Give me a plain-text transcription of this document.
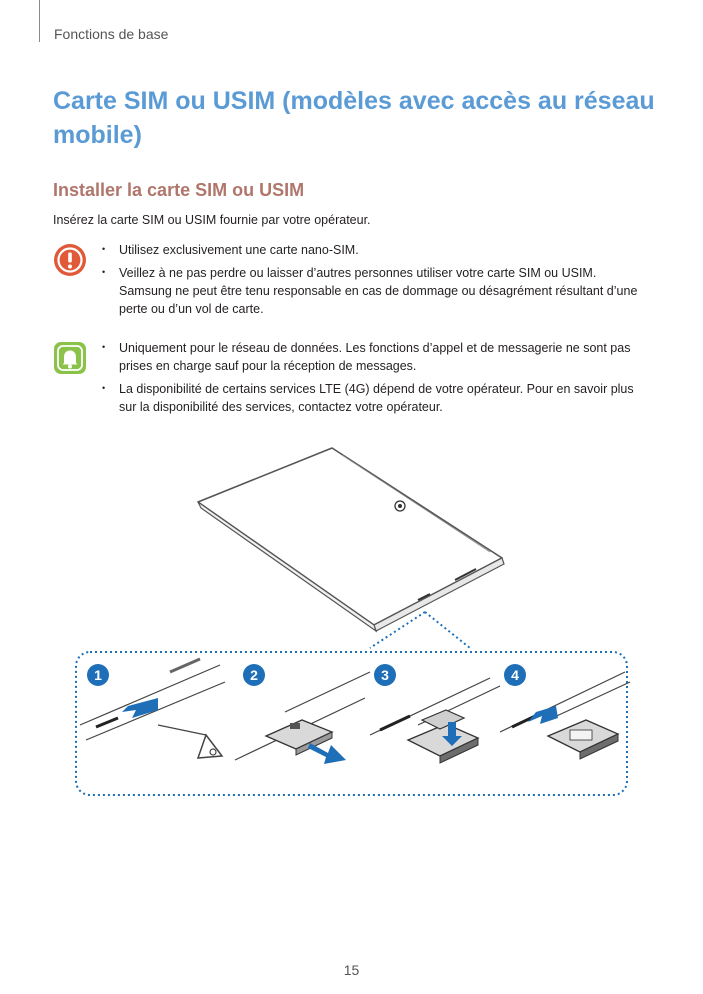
Fonctions de base
Carte SIM ou USIM (modèles avec accès au réseau mobile)
Installer la carte SIM ou USIM

Insérez la carte SIM ou USIM fournie par votre opérateur.

• Utilisez exclusivement une carte nano-SIM.
• Veillez à ne pas perdre ou laisser d’autres personnes utiliser votre carte SIM ou USIM. Samsung ne peut être tenu responsable en cas de dommage ou désagrément résultant d’une perte ou d’un vol de carte.
• Uniquement pour le réseau de données. Les fonctions d’appel et de messagerie ne sont pas prises en charge sauf pour la réception de messages.
• La disponibilité de certains services LTE (4G) dépend de votre opérateur. Pour en savoir plus sur la disponibilité des services, contactez votre opérateur.
1	2	3	4
15
